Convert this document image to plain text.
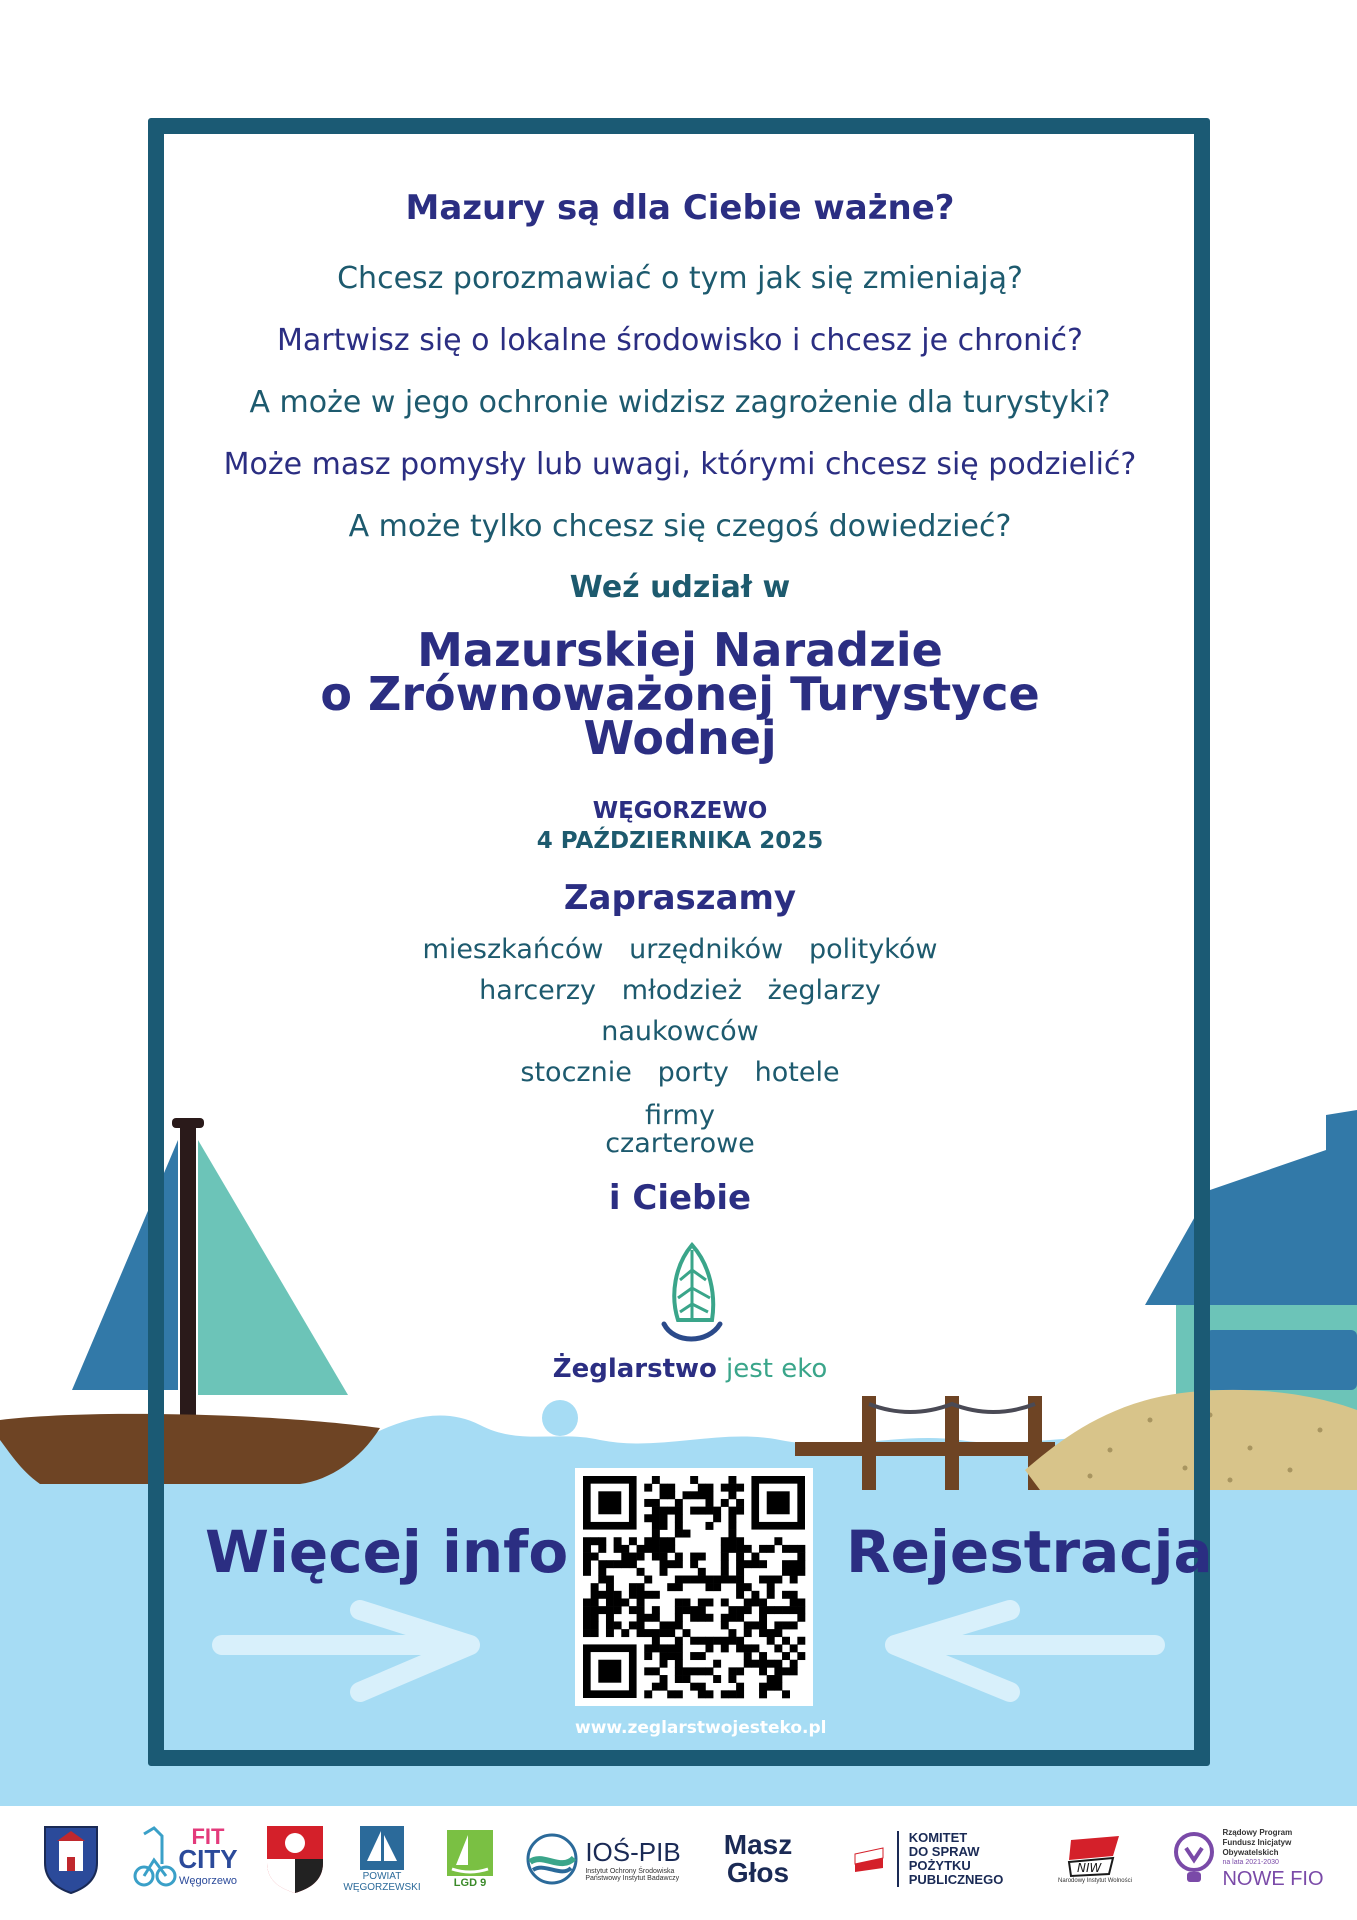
Mazury są dla Ciebie ważne?
Chcesz porozmawiać o tym jak się zmieniają?
Martwisz się o lokalne środowisko i chcesz je chronić?
A może w jego ochronie widzisz zagrożenie dla turystyki?
Może masz pomysły lub uwagi, którymi chcesz się podzielić?
A może tylko chcesz się czegoś dowiedzieć?
Weź udział w
Mazurskiej Naradzie
o Zrównoważonej Turystyce
Wodnej
WĘGORZEWO
4 PAŹDZIERNIKA 2025
Zapraszamy
mieszkańców   urzędników   polityków
harcerzy   młodzież   żeglarzy
naukowców
stocznie   porty   hotele
firmy
czarterowe
i Ciebie
Żeglarstwo jest eko
Więcej info	Rejestracja
www.zeglarstwojesteko.pl
FIT
CITY
Węgorzewo	POWIAT
WĘGORZEWSKI	LGD 9
IOŚ-PIB
Instytut Ochrony Środowiska
Państwowy Instytut Badawczy
Masz
Głos
KOMITET
DO SPRAW
POŻYTKU
PUBLICZNEGO
NIW
Narodowy Instytut Wolności
Rządowy Program
Fundusz Inicjatyw
Obywatelskich
na lata 2021-2030
NOWE FIO
